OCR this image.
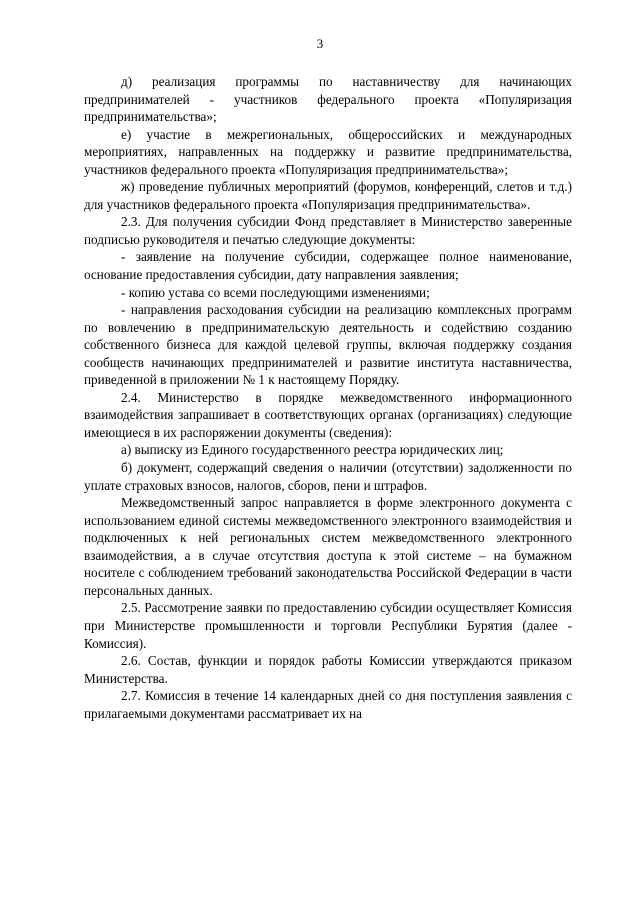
3

д) реализация программы по наставничеству для начинающих предпринимателей - участников федерального проекта «Популяризация предпринимательства»;

е) участие в межрегиональных, общероссийских и международных мероприятиях, направленных на поддержку и развитие предпринимательства, участников федерального проекта «Популяризация предпринимательства»;

ж) проведение публичных мероприятий (форумов, конференций, слетов и т.д.) для участников федерального проекта «Популяризация предпринимательства».

2.3. Для получения субсидии Фонд представляет в Министерство заверенные подписью руководителя и печатью следующие документы:

- заявление на получение субсидии, содержащее полное наименование, основание предоставления субсидии, дату направления заявления;

- копию устава со всеми последующими изменениями;

- направления расходования субсидии на реализацию комплексных программ по вовлечению в предпринимательскую деятельность и содействию созданию собственного бизнеса для каждой целевой группы, включая поддержку создания сообществ начинающих предпринимателей и развитие института наставничества, приведенной в приложении № 1 к настоящему Порядку.

2.4. Министерство в порядке межведомственного информационного взаимодействия запрашивает в соответствующих органах (организациях) следующие имеющиеся в их распоряжении документы (сведения):

а) выписку из Единого государственного реестра юридических лиц;

б) документ, содержащий сведения о наличии (отсутствии) задолженности по уплате страховых взносов, налогов, сборов, пени и штрафов.

Межведомственный запрос направляется в форме электронного документа с использованием единой системы межведомственного электронного взаимодействия и подключенных к ней региональных систем межведомственного электронного взаимодействия, а в случае отсутствия доступа к этой системе – на бумажном носителе с соблюдением требований законодательства Российской Федерации в части персональных данных.

2.5. Рассмотрение заявки по предоставлению субсидии осуществляет Комиссия при Министерстве промышленности и торговли Республики Бурятия (далее - Комиссия).

2.6. Состав, функции и порядок работы Комиссии утверждаются приказом Министерства.

2.7. Комиссия в течение 14 календарных дней со дня поступления заявления с прилагаемыми документами рассматривает их на
